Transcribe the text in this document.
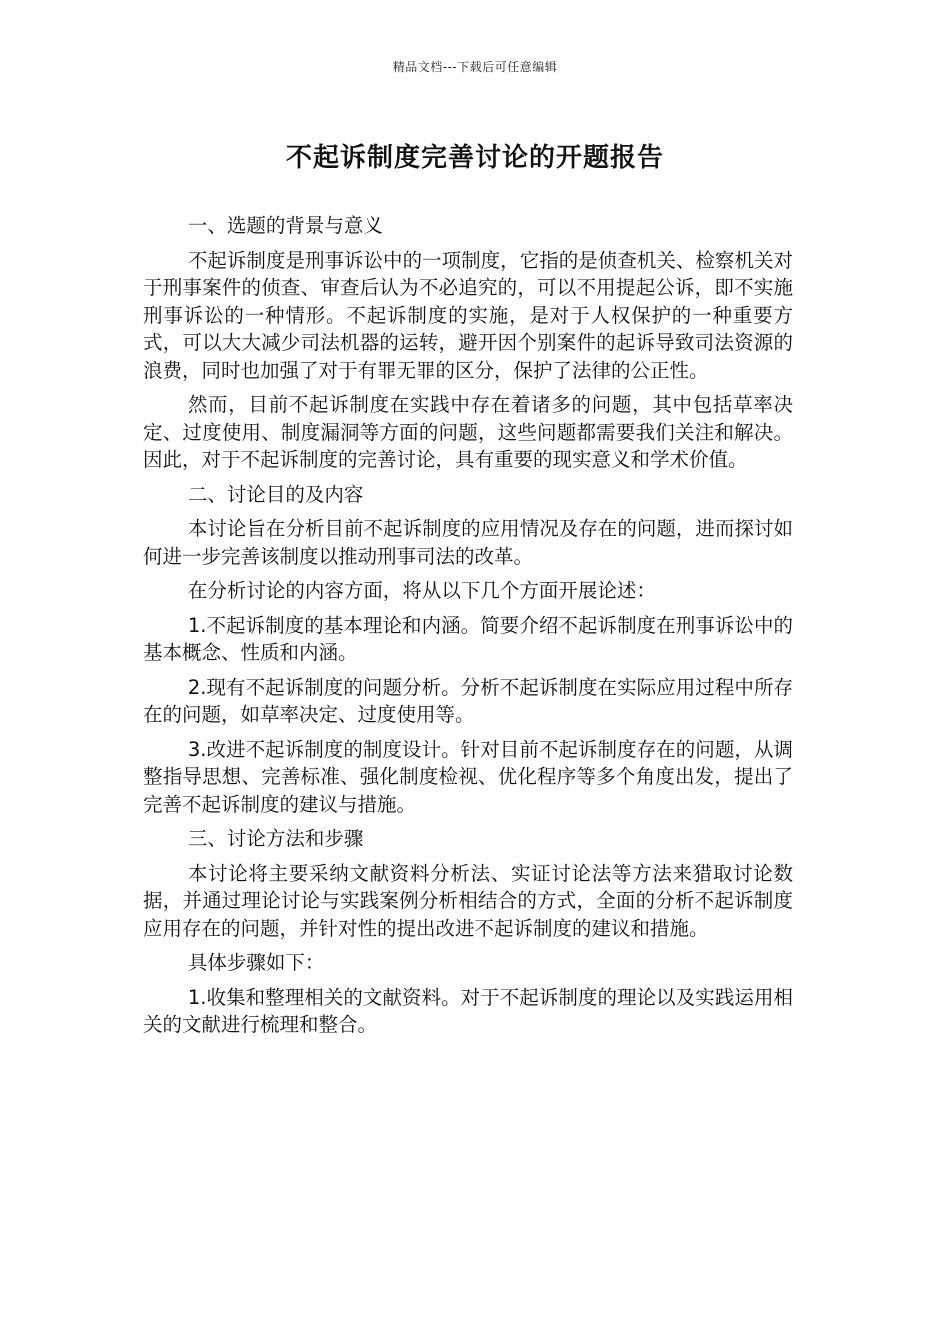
精品文档---下载后可任意编辑
不起诉制度完善讨论的开题报告

一、选题的背景与意义

不起诉制度是刑事诉讼中的一项制度，它指的是侦查机关、检察机关对于刑事案件的侦查、审查后认为不必追究的，可以不用提起公诉，即不实施刑事诉讼的一种情形。不起诉制度的实施，是对于人权保护的一种重要方式，可以大大减少司法机器的运转，避开因个别案件的起诉导致司法资源的浪费，同时也加强了对于有罪无罪的区分，保护了法律的公正性。

然而，目前不起诉制度在实践中存在着诸多的问题，其中包括草率决定、过度使用、制度漏洞等方面的问题，这些问题都需要我们关注和解决。因此，对于不起诉制度的完善讨论，具有重要的现实意义和学术价值。

二、讨论目的及内容

本讨论旨在分析目前不起诉制度的应用情况及存在的问题，进而探讨如何进一步完善该制度以推动刑事司法的改革。

在分析讨论的内容方面，将从以下几个方面开展论述：

1.不起诉制度的基本理论和内涵。简要介绍不起诉制度在刑事诉讼中的基本概念、性质和内涵。

2.现有不起诉制度的问题分析。分析不起诉制度在实际应用过程中所存在的问题，如草率决定、过度使用等。

3.改进不起诉制度的制度设计。针对目前不起诉制度存在的问题，从调整指导思想、完善标准、强化制度检视、优化程序等多个角度出发，提出了完善不起诉制度的建议与措施。

三、讨论方法和步骤

本讨论将主要采纳文献资料分析法、实证讨论法等方法来猎取讨论数据，并通过理论讨论与实践案例分析相结合的方式，全面的分析不起诉制度应用存在的问题，并针对性的提出改进不起诉制度的建议和措施。

具体步骤如下：

1.收集和整理相关的文献资料。对于不起诉制度的理论以及实践运用相关的文献进行梳理和整合。
